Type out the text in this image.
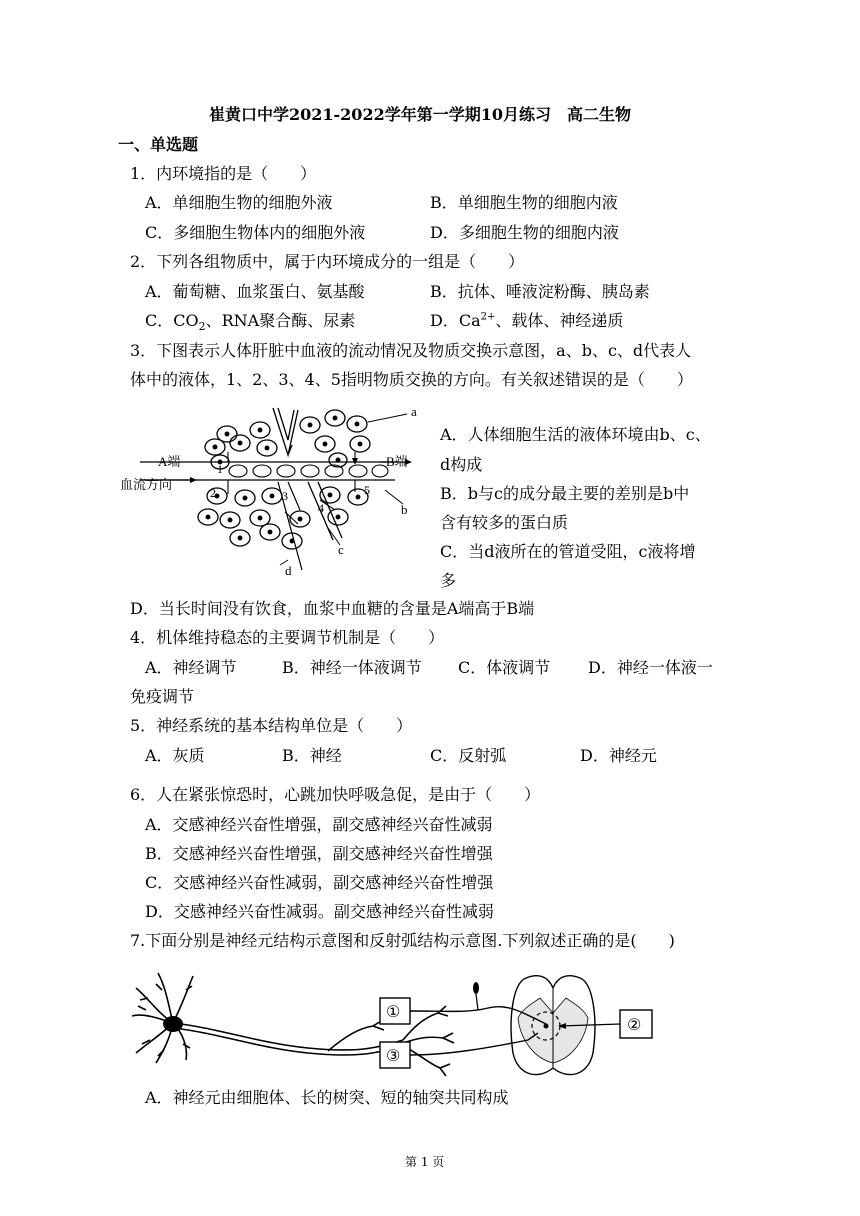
崔黄口中学2021-2022学年第一学期10月练习　高二生物
一、单选题
1．内环境指的是（　　）
A．单细胞生物的细胞外液	B．单细胞生物的细胞内液
C．多细胞生物体内的细胞外液	D．多细胞生物的细胞内液
2．下列各组物质中，属于内环境成分的一组是（　　）
A．葡萄糖、血浆蛋白、氨基酸	B．抗体、唾液淀粉酶、胰岛素
C．$CO_2$、RNA聚合酶、尿素	D．$Ca^{2+}$、载体、神经递质
3．下图表示人体肝脏中血液的流动情况及物质交换示意图，a、b、c、d代表人
体中的液体，1、2、3、4、5指明物质交换的方向。有关叙述错误的是（　　）
a
b
c
d
A端	B端
血流方向
1
2	3
4
5
A．人体细胞生活的液体环境由b、c、
d构成
B．b与c的成分最主要的差别是b中
含有较多的蛋白质
C．当d液所在的管道受阻，c液将增
多
D．当长时间没有饮食，血浆中血糖的含量是A端高于B端
4．机体维持稳态的主要调节机制是（　　）
A．神经调节	B．神经一体液调节 C．体液调节 D．神经一体液一
免疫调节
5．神经系统的基本结构单位是（　　）
A．灰质	B．神经	C．反射弧	D．神经元
6．人在紧张惊恐时，心跳加快呼吸急促，是由于（　　）
A．交感神经兴奋性增强，副交感神经兴奋性减弱
B．交感神经兴奋性增强，副交感神经兴奋性增强
C．交感神经兴奋性减弱，副交感神经兴奋性增强
D．交感神经兴奋性减弱。副交感神经兴奋性减弱
7.下面分别是神经元结构示意图和反射弧结构示意图.下列叙述正确的是(　　)
①
③
②
A．神经元由细胞体、长的树突、短的轴突共同构成
第 1 页
